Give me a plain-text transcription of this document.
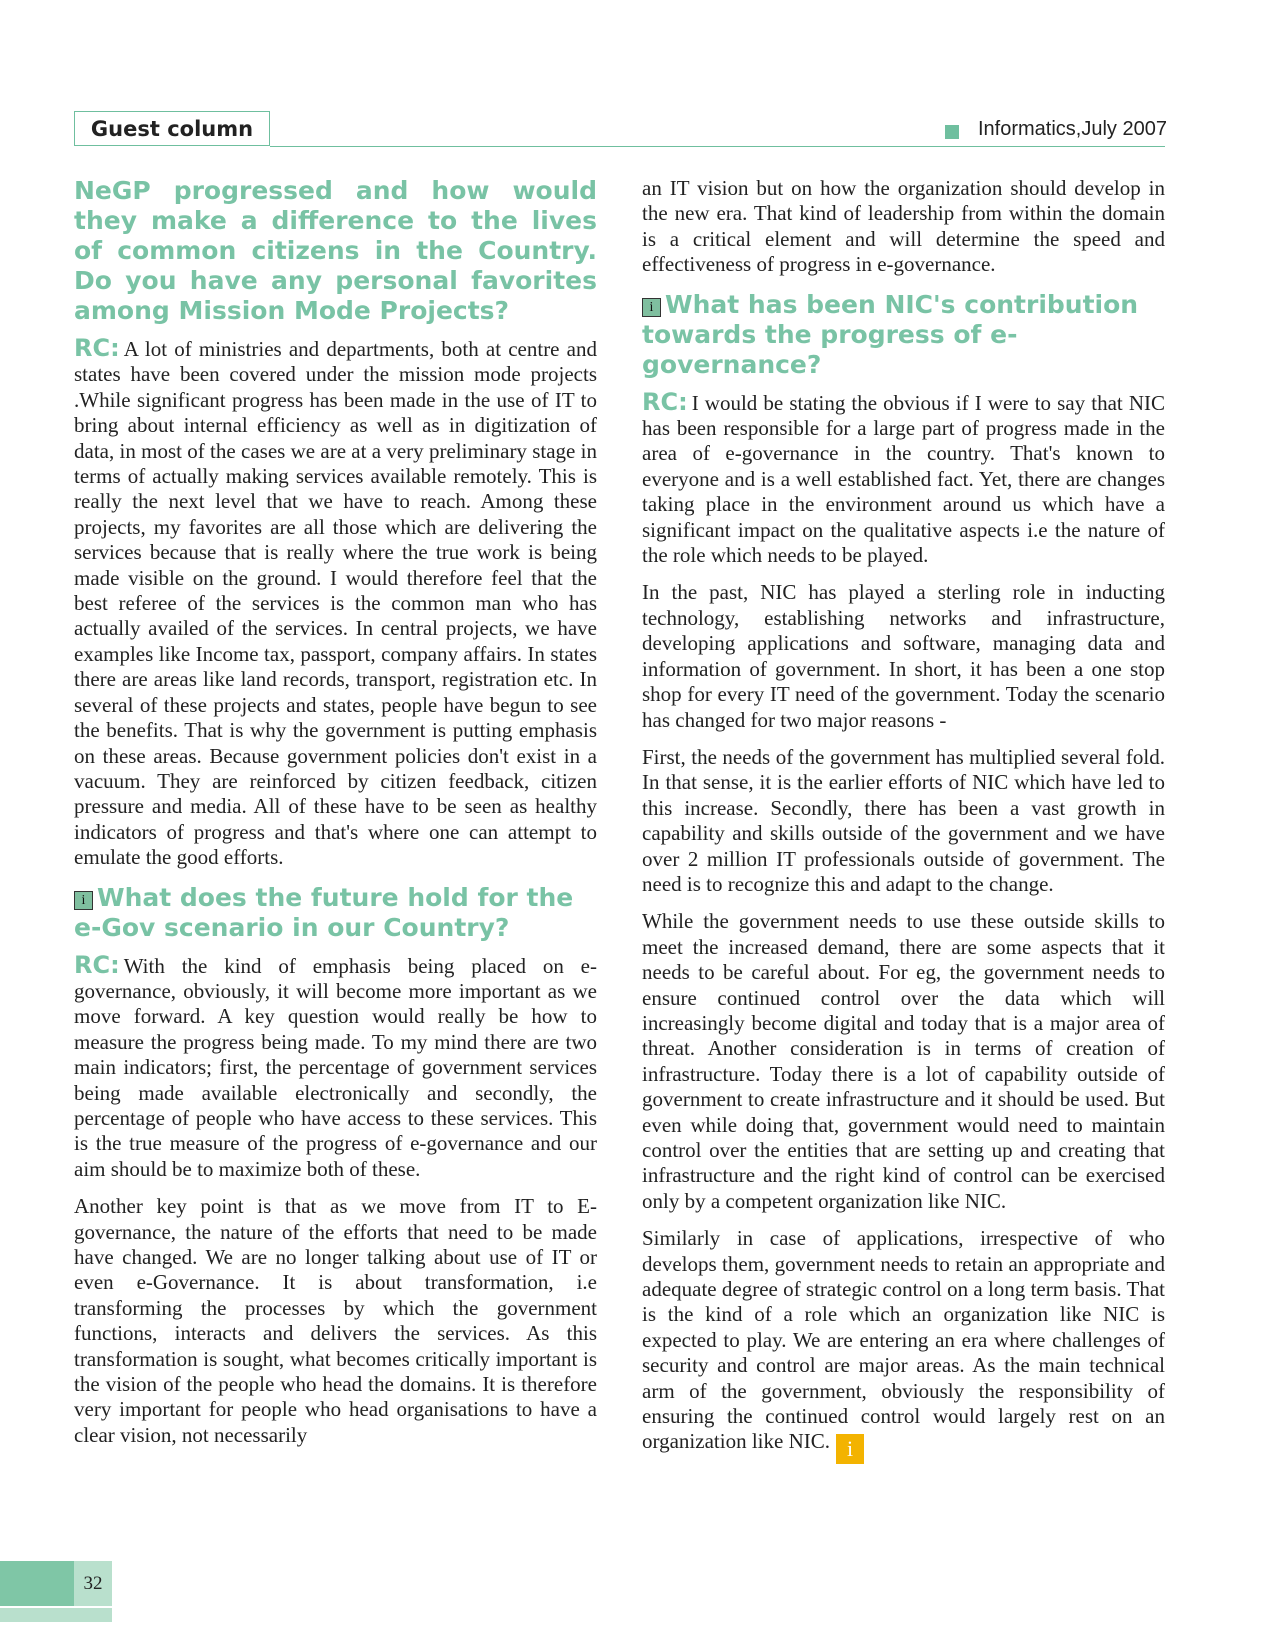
Guest column	Informatics,July 2007
NeGP progressed and how would they make a difference to the lives of common citizens in the Country. Do you have any personal favorites among Mission Mode Projects?

RC: A lot of ministries and departments, both at centre and states have been covered under the mission mode projects .While significant progress has been made in the use of IT to bring about internal efficiency as well as in digitization of data, in most of the cases we are at a very preliminary stage in terms of actually making services available remotely. This is really the next level that we have to reach. Among these projects, my favorites are all those which are delivering the services because that is really where the true work is being made visible on the ground. I would therefore feel that the best referee of the services is the common man who has actually availed of the services. In central projects, we have examples like Income tax, passport, company affairs. In states there are areas like land records, transport, registration etc. In several of these projects and states, people have begun to see the benefits. That is why the government is putting emphasis on these areas. Because government policies don't exist in a vacuum. They are reinforced by citizen feedback, citizen pressure and media. All of these have to be seen as healthy indicators of progress and that's where one can attempt to emulate the good efforts.

i What does the future hold for the e-Gov scenario in our Country?

RC: With the kind of emphasis being placed on e-governance, obviously, it will become more important as we move forward. A key question would really be how to measure the progress being made. To my mind there are two main indicators; first, the percentage of government services being made available electronically and secondly, the percentage of people who have access to these services. This is the true measure of the progress of e-governance and our aim should be to maximize both of these.

Another key point is that as we move from IT to E-governance, the nature of the efforts that need to be made have changed. We are no longer talking about use of IT or even e-Governance. It is about transformation, i.e transforming the processes by which the government functions, interacts and delivers the services. As this transformation is sought, what becomes critically important is the vision of the people who head the domains. It is therefore very important for people who head organisations to have a clear vision, not necessarily

an IT vision but on how the organization should develop in the new era. That kind of leadership from within the domain is a critical element and will determine the speed and effectiveness of progress in e-governance.

i What has been NIC's contribution towards the progress of e-governance?

RC: I would be stating the obvious if I were to say that NIC has been responsible for a large part of progress made in the area of e-governance in the country. That's known to everyone and is a well established fact. Yet, there are changes taking place in the environment around us which have a significant impact on the qualitative aspects i.e the nature of the role which needs to be played.

In the past, NIC has played a sterling role in inducting technology, establishing networks and infrastructure, developing applications and software, managing data and information of government. In short, it has been a one stop shop for every IT need of the government. Today the scenario has changed for two major reasons -

First, the needs of the government has multiplied several fold. In that sense, it is the earlier efforts of NIC which have led to this increase. Secondly, there has been a vast growth in capability and skills outside of the government and we have over 2 million IT professionals outside of government. The need is to recognize this and adapt to the change.

While the government needs to use these outside skills to meet the increased demand, there are some aspects that it needs to be careful about. For eg, the government needs to ensure continued control over the data which will increasingly become digital and today that is a major area of threat. Another consideration is in terms of creation of infrastructure. Today there is a lot of capability outside of government to create infrastructure and it should be used. But even while doing that, government would need to maintain control over the entities that are setting up and creating that infrastructure and the right kind of control can be exercised only by a competent organization like NIC.

Similarly in case of applications, irrespective of who develops them, government needs to retain an appropriate and adequate degree of strategic control on a long term basis. That is the kind of a role which an organization like NIC is expected to play. We are entering an era where challenges of security and control are major areas. As the main technical arm of the government, obviously the responsibility of ensuring the continued control would largely rest on an organization like NIC. i

32
